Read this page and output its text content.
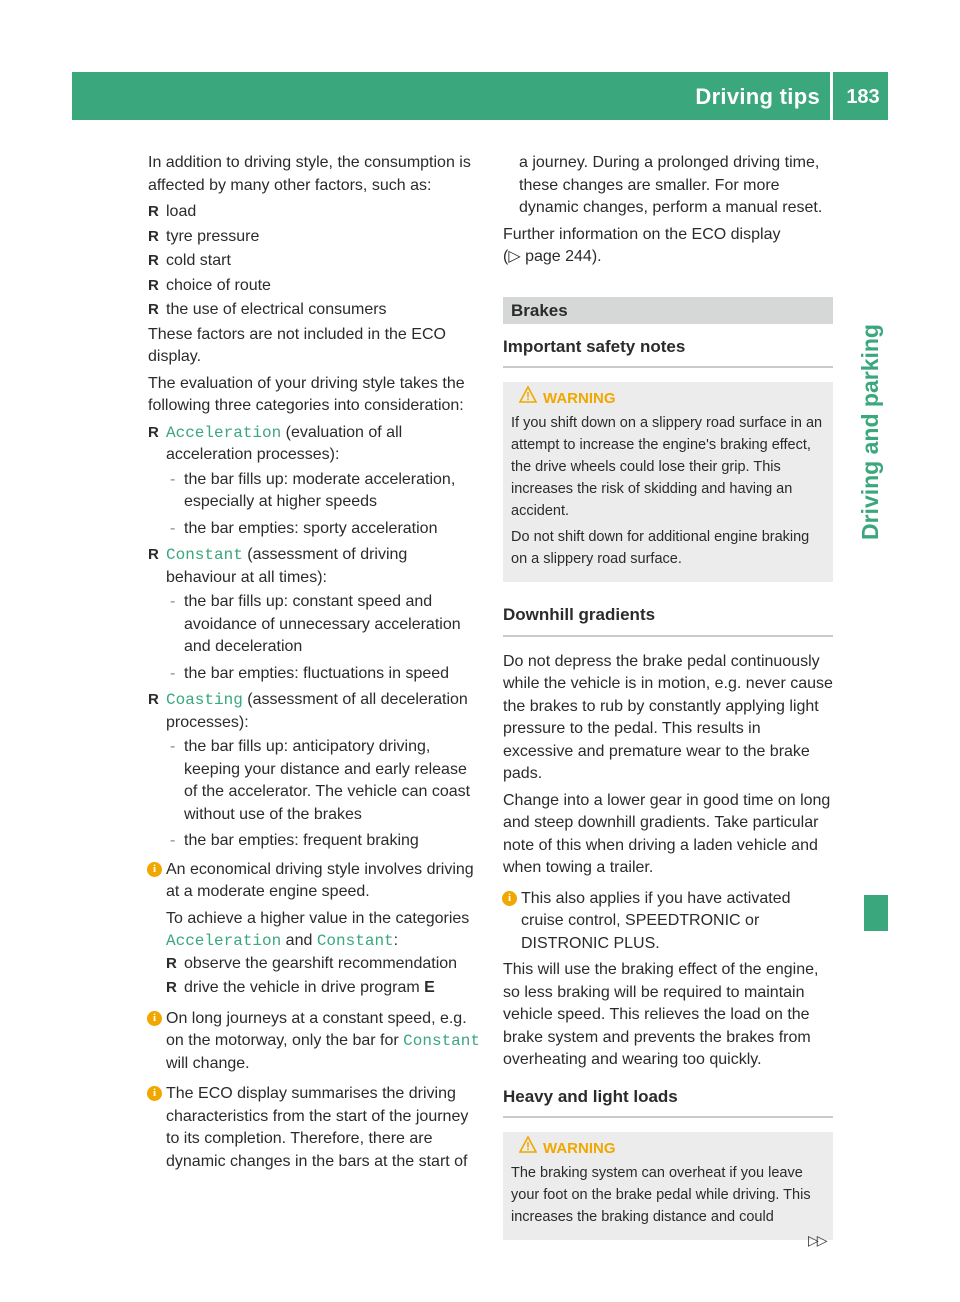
Driving tips	183
Driving and parking

In addition to driving style, the consumption is affected by many other factors, such as:

R load
R tyre pressure
R cold start
R choice of route
R the use of electrical consumers

These factors are not included in the ECO display.

The evaluation of your driving style takes the following three categories into consideration:

R Acceleration (evaluation of all acceleration processes):
- the bar fills up: moderate acceleration, especially at higher speeds
- the bar empties: sporty acceleration
R Constant (assessment of driving behaviour at all times):
- the bar fills up: constant speed and avoidance of unnecessary acceleration and deceleration
- the bar empties: fluctuations in speed
R Coasting (assessment of all deceleration processes):
- the bar fills up: anticipatory driving, keeping your distance and early release of the accelerator. The vehicle can coast without use of the brakes
- the bar empties: frequent braking
i An economical driving style involves driving at a moderate engine speed.
To achieve a higher value in the categories Acceleration and Constant:
R observe the gearshift recommendation
R drive the vehicle in drive program E
i On long journeys at a constant speed, e.g. on the motorway, only the bar for Constant will change.
i The ECO display summarises the driving characteristics from the start of the journey to its completion. Therefore, there are dynamic changes in the bars at the start of

a journey. During a prolonged driving time, these changes are smaller. For more dynamic changes, perform a manual reset.

Further information on the ECO display
(▷ page 244).

Brakes
Important safety notes
WARNING

If you shift down on a slippery road surface in an attempt to increase the engine's braking effect, the drive wheels could lose their grip. This increases the risk of skidding and having an accident.

Do not shift down for additional engine braking on a slippery road surface.

Downhill gradients

Do not depress the brake pedal continuously while the vehicle is in motion, e.g. never cause the brakes to rub by constantly applying light pressure to the pedal. This results in excessive and premature wear to the brake pads.

Change into a lower gear in good time on long and steep downhill gradients. Take particular note of this when driving a laden vehicle and when towing a trailer.

i This also applies if you have activated cruise control, SPEEDTRONIC or DISTRONIC PLUS.

This will use the braking effect of the engine, so less braking will be required to maintain vehicle speed. This relieves the load on the brake system and prevents the brakes from overheating and wearing too quickly.

Heavy and light loads
WARNING

The braking system can overheat if you leave your foot on the brake pedal while driving. This increases the braking distance and could

▷▷
